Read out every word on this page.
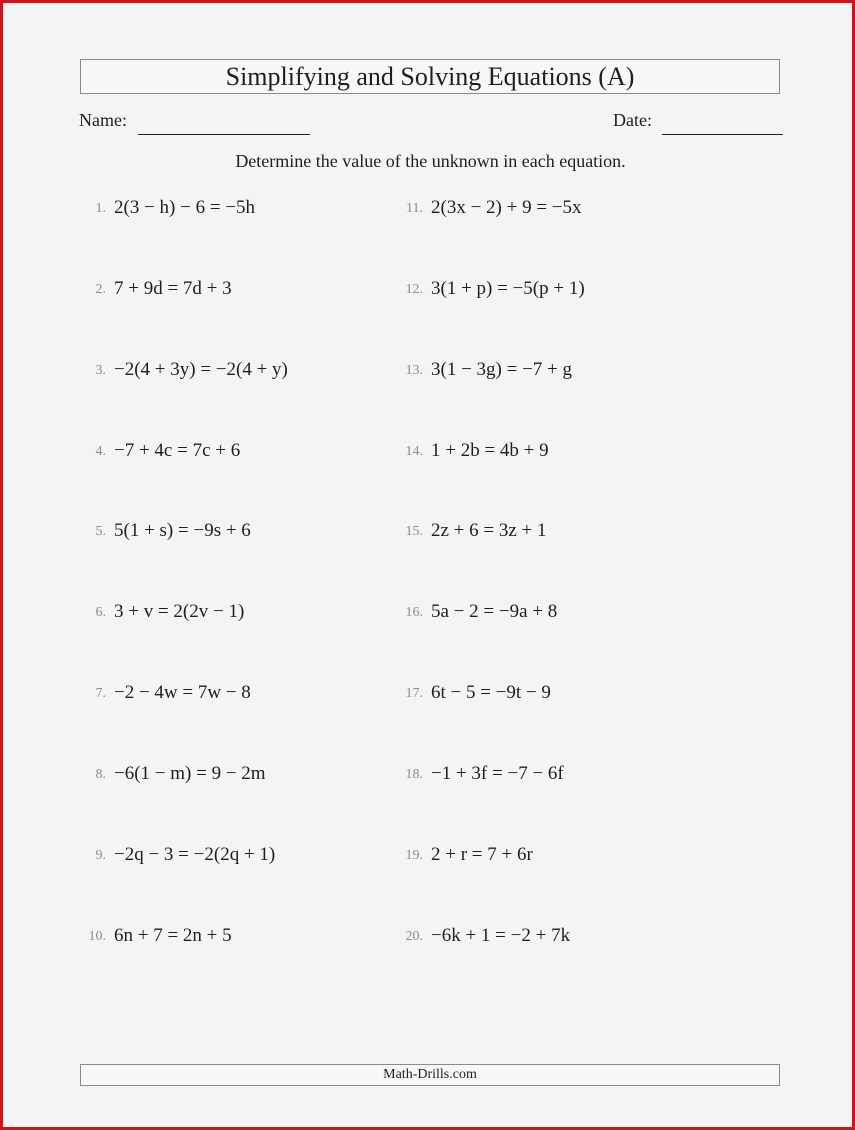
Simplifying and Solving Equations (A)
Name:	Date:
Determine the value of the unknown in each equation.
1. 2(3 − h) − 6 = −5h
2. 7 + 9d = 7d + 3
3. −2(4 + 3y) = −2(4 + y)
4. −7 + 4c = 7c + 6
5. 5(1 + s) = −9s + 6
6. 3 + v = 2(2v − 1)
7. −2 − 4w = 7w − 8
8. −6(1 − m) = 9 − 2m
9. −2q − 3 = −2(2q + 1)
10. 6n + 7 = 2n + 5
11. 2(3x − 2) + 9 = −5x
12. 3(1 + p) = −5(p + 1)
13. 3(1 − 3g) = −7 + g
14. 1 + 2b = 4b + 9
15. 2z + 6 = 3z + 1
16. 5a − 2 = −9a + 8
17. 6t − 5 = −9t − 9
18. −1 + 3f = −7 − 6f
19. 2 + r = 7 + 6r
20. −6k + 1 = −2 + 7k
Math-Drills.com
